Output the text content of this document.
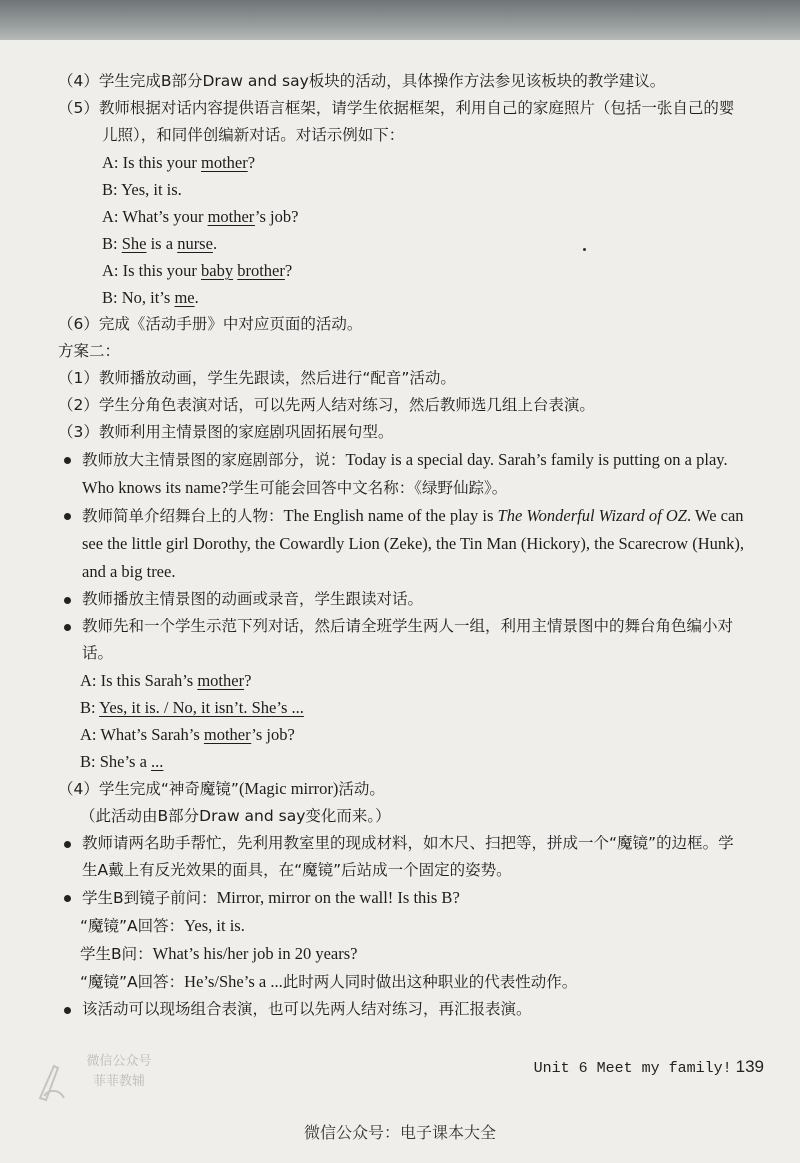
（4）学生完成B部分Draw and say板块的活动，具体操作方法参见该板块的教学建议。
（5）教师根据对话内容提供语言框架，请学生依据框架，利用自己的家庭照片（包括一张自己的婴儿照），和同伴创编新对话。对话示例如下：
A: Is this your mother?
B: Yes, it is.
A: What’s your mother’s job?
B: She is a nurse.
A: Is this your baby brother?
B: No, it’s me.
（6）完成《活动手册》中对应页面的活动。
方案二：
（1）教师播放动画，学生先跟读，然后进行“配音”活动。
（2）学生分角色表演对话，可以先两人结对练习，然后教师选几组上台表演。
（3）教师利用主情景图的家庭剧巩固拓展句型。
教师放大主情景图的家庭剧部分，说：Today is a special day. Sarah’s family is putting on a play. Who knows its name?学生可能会回答中文名称：《绿野仙踪》。
教师简单介绍舞台上的人物：The English name of the play is The Wonderful Wizard of OZ. We can see the little girl Dorothy, the Cowardly Lion (Zeke), the Tin Man (Hickory), the Scarecrow (Hunk), and a big tree.
教师播放主情景图的动画或录音，学生跟读对话。
教师先和一个学生示范下列对话，然后请全班学生两人一组，利用主情景图中的舞台角色编小对话。
A: Is this Sarah’s mother?
B: Yes, it is. / No, it isn’t. She’s ...
A: What’s Sarah’s mother’s job?
B: She’s a ...
（4）学生完成“神奇魔镜”(Magic mirror)活动。
（此活动由B部分Draw and say变化而来。）
教师请两名助手帮忙，先利用教室里的现成材料，如木尺、扫把等，拼成一个“魔镜”的边框。学生A戴上有反光效果的面具，在“魔镜”后站成一个固定的姿势。
学生B到镜子前问：Mirror, mirror on the wall! Is this B?
“魔镜”A回答：Yes, it is.
学生B问：What’s his/her job in 20 years?
“魔镜”A回答：He’s/She’s a ...此时两人同时做出这种职业的代表性动作。
该活动可以现场组合表演，也可以先两人结对练习，再汇报表演。
微信公众号
菲菲教辅
Unit 6 Meet my family! 139
微信公众号：电子课本大全
